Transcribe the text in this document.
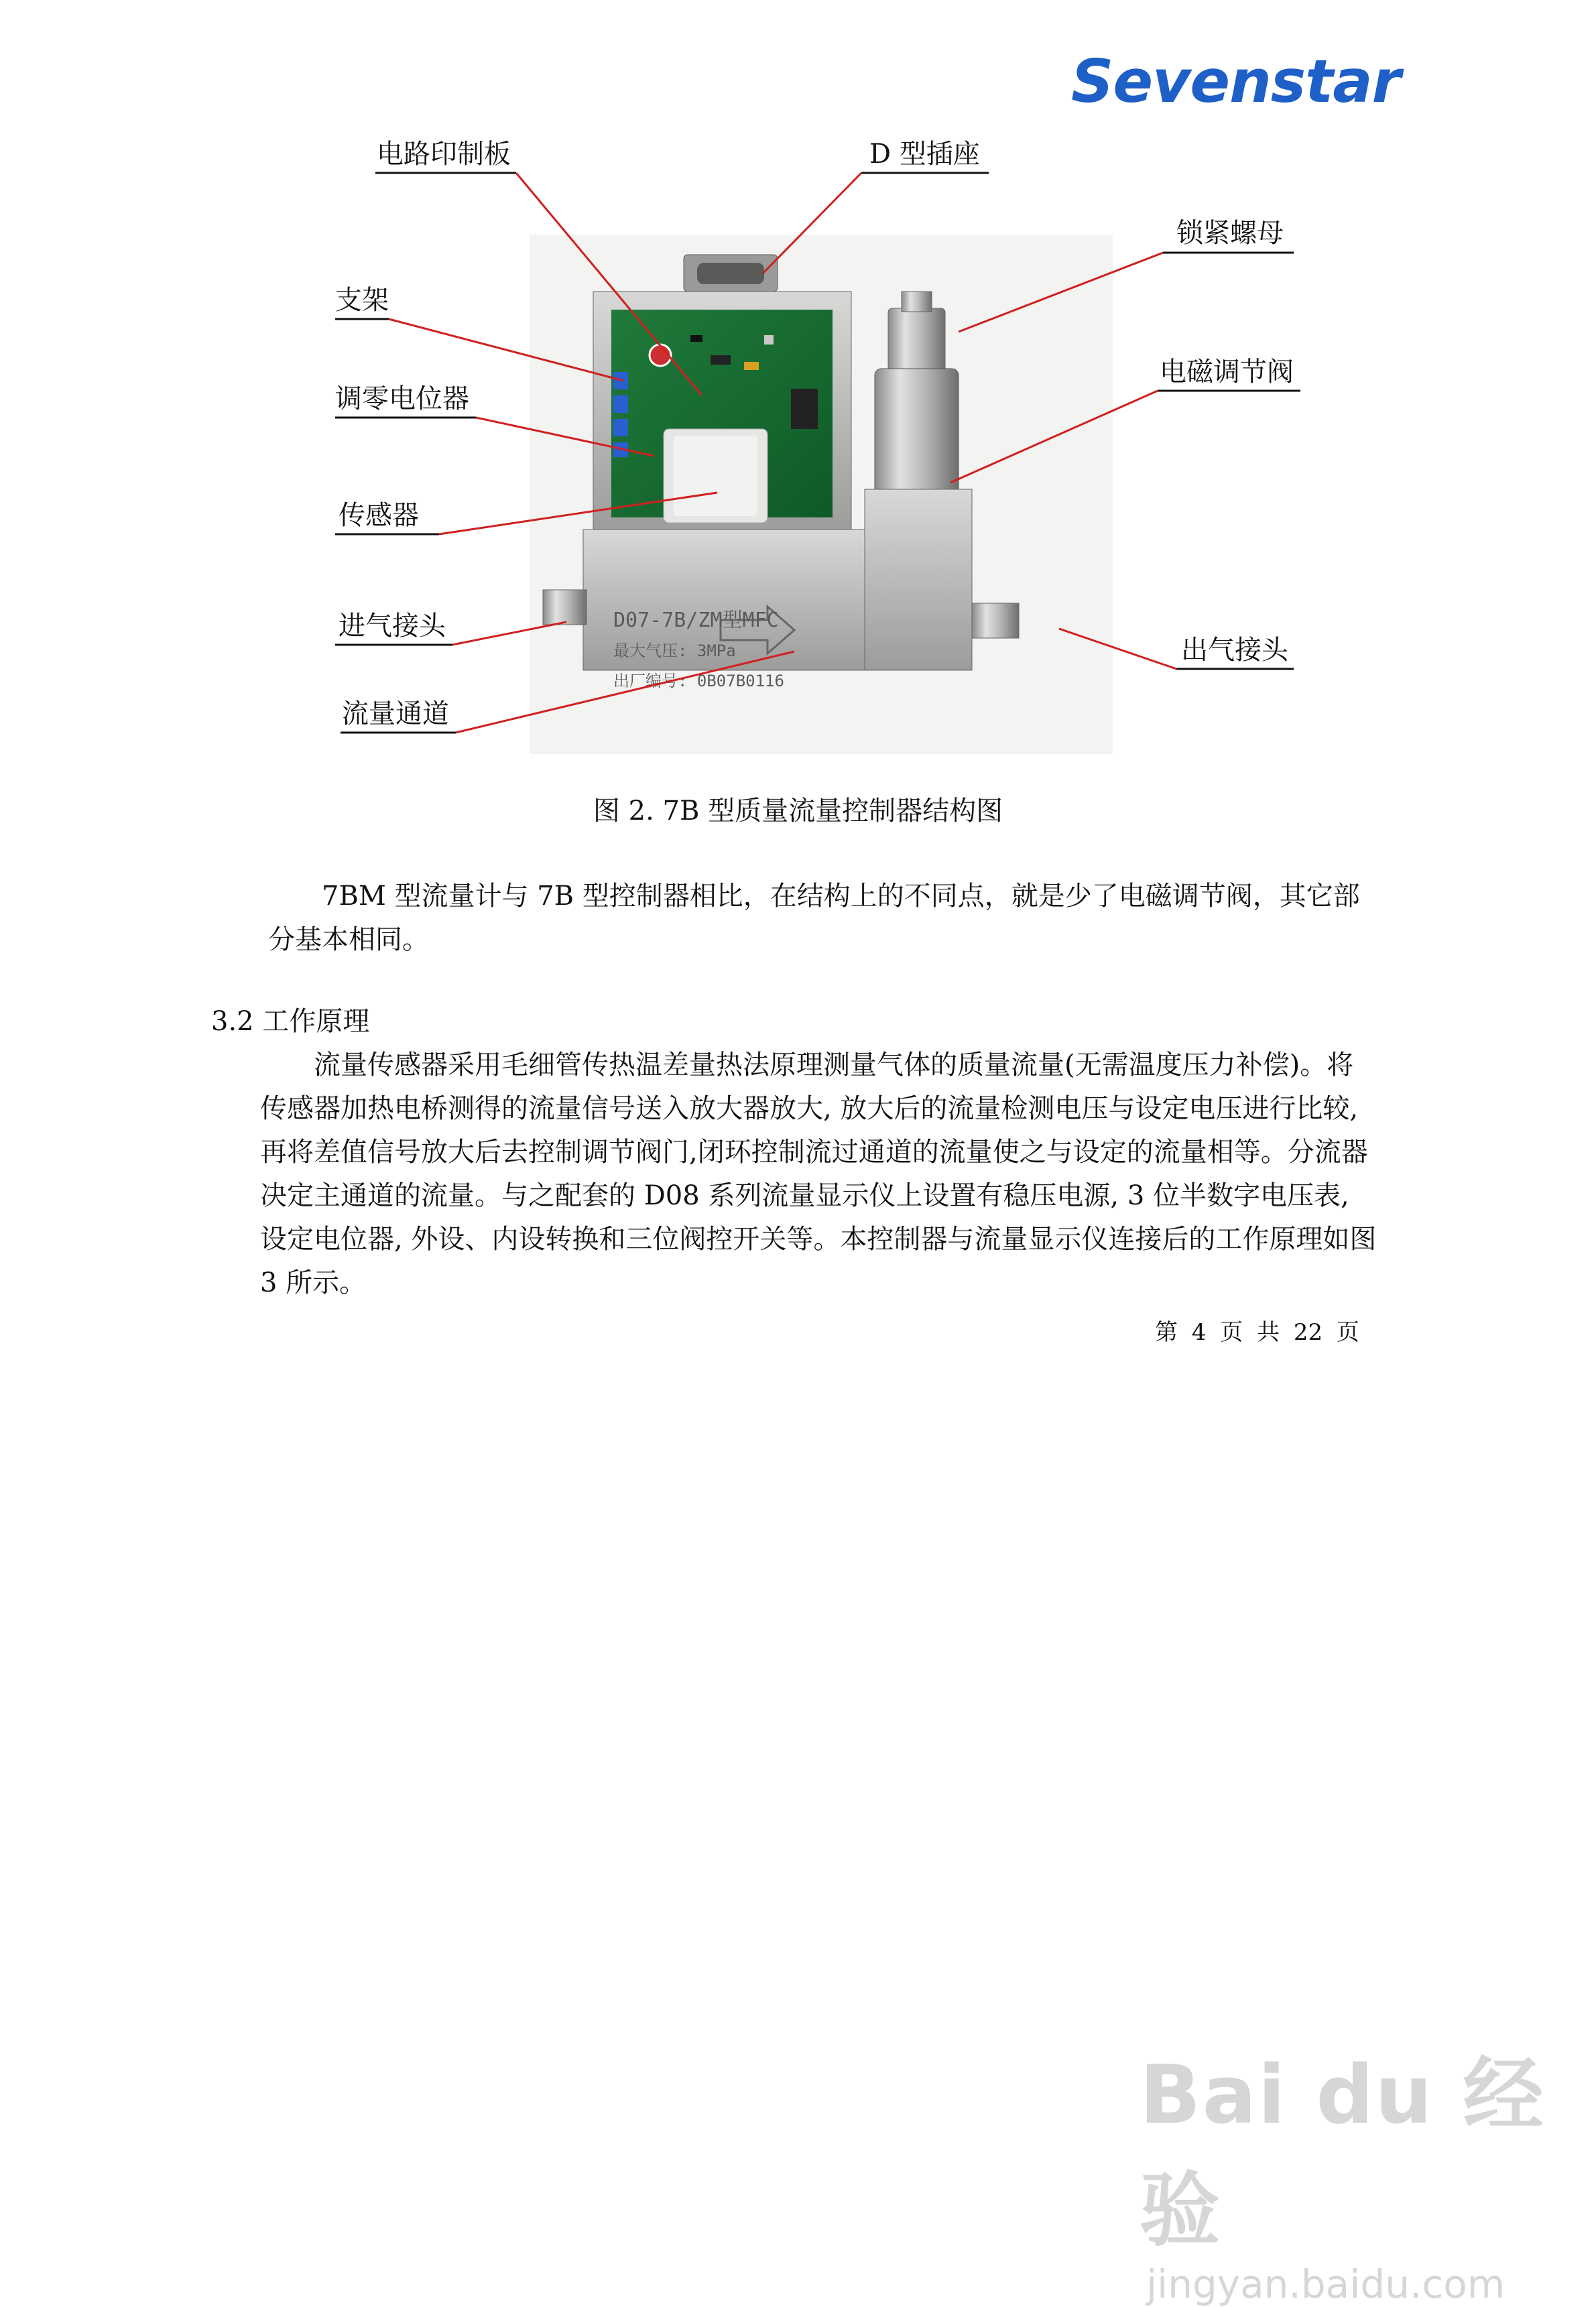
Sevenstar
D07-7B/ZM型MFC
最大气压: 3MPa
出厂编号: 0B07B0116
电路印制板	D 型插座
锁紧螺母
支架
电磁调节阀
调零电位器
传感器
进气接头
出气接头
流量通道
图 2. 7B 型质量流量控制器结构图
7BM 型流量计与 7B 型控制器相比，在结构上的不同点，就是少了电磁调节阀，其它部分基本相同。
3.2 工作原理
流量传感器采用毛细管传热温差量热法原理测量气体的质量流量(无需温度压力补偿)。将传感器加热电桥测得的流量信号送入放大器放大, 放大后的流量检测电压与设定电压进行比较, 再将差值信号放大后去控制调节阀门,闭环控制流过通道的流量使之与设定的流量相等。分流器决定主通道的流量。与之配套的 D08 系列流量显示仪上设置有稳压电源, 3 位半数字电压表, 设定电位器, 外设、内设转换和三位阀控开关等。本控制器与流量显示仪连接后的工作原理如图 3 所示。
第 4 页 共 22 页
Bai du 经验
jingyan.baidu.com
